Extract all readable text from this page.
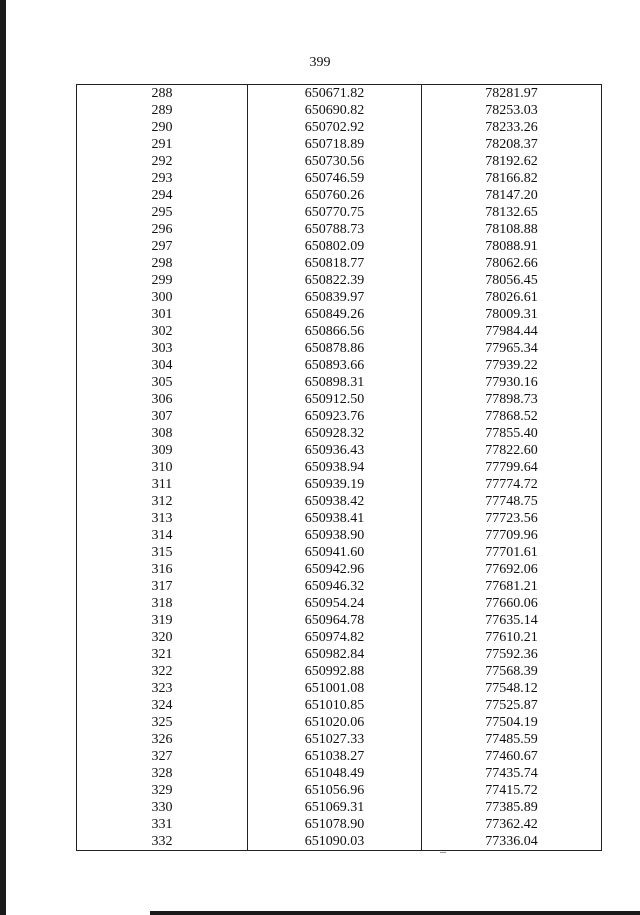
399
288	650671.82	78281.97
289	650690.82	78253.03
290	650702.92	78233.26
291	650718.89	78208.37
292	650730.56	78192.62
293	650746.59	78166.82
294	650760.26	78147.20
295	650770.75	78132.65
296	650788.73	78108.88
297	650802.09	78088.91
298	650818.77	78062.66
299	650822.39	78056.45
300	650839.97	78026.61
301	650849.26	78009.31
302	650866.56	77984.44
303	650878.86	77965.34
304	650893.66	77939.22
305	650898.31	77930.16
306	650912.50	77898.73
307	650923.76	77868.52
308	650928.32	77855.40
309	650936.43	77822.60
310	650938.94	77799.64
311	650939.19	77774.72
312	650938.42	77748.75
313	650938.41	77723.56
314	650938.90	77709.96
315	650941.60	77701.61
316	650942.96	77692.06
317	650946.32	77681.21
318	650954.24	77660.06
319	650964.78	77635.14
320	650974.82	77610.21
321	650982.84	77592.36
322	650992.88	77568.39
323	651001.08	77548.12
324	651010.85	77525.87
325	651020.06	77504.19
326	651027.33	77485.59
327	651038.27	77460.67
328	651048.49	77435.74
329	651056.96	77415.72
330	651069.31	77385.89
331	651078.90	77362.42
332	651090.03	77336.04
